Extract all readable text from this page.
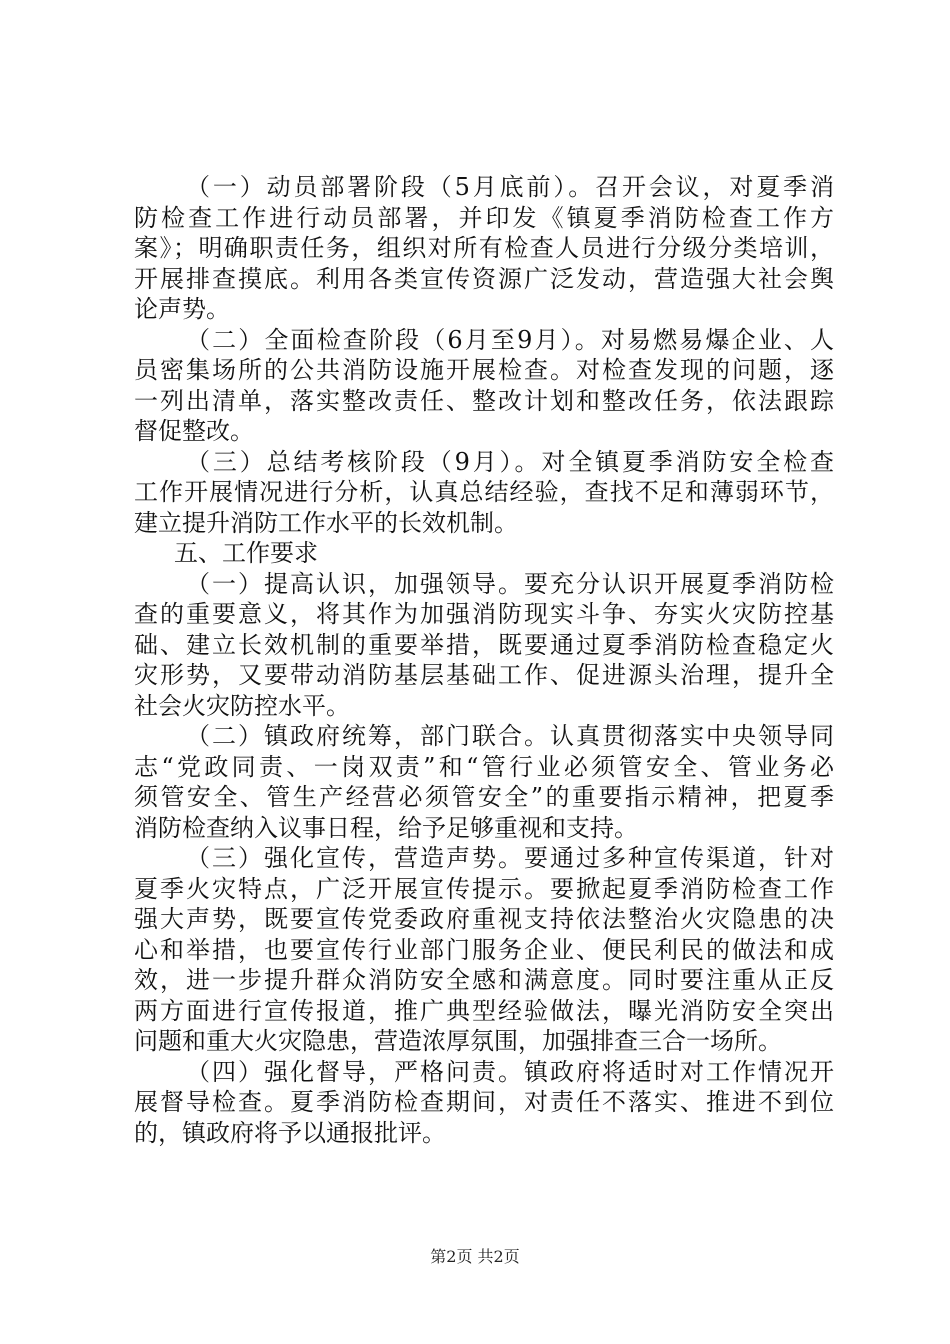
（一）动员部署阶段（5月底前）。召开会议，对夏季消
防检查工作进行动员部署，并印发《镇夏季消防检查工作方
案》；明确职责任务，组织对所有检查人员进行分级分类培训，
开展排查摸底。利用各类宣传资源广泛发动，营造强大社会舆
论声势。
（二）全面检查阶段（6月至9月）。对易燃易爆企业、人
员密集场所的公共消防设施开展检查。对检查发现的问题，逐
一列出清单，落实整改责任、整改计划和整改任务，依法跟踪
督促整改。
（三）总结考核阶段（9月）。对全镇夏季消防安全检查
工作开展情况进行分析，认真总结经验，查找不足和薄弱环节，
建立提升消防工作水平的长效机制。
五、工作要求
（一）提高认识，加强领导。要充分认识开展夏季消防检
查的重要意义，将其作为加强消防现实斗争、夯实火灾防控基
础、建立长效机制的重要举措，既要通过夏季消防检查稳定火
灾形势，又要带动消防基层基础工作、促进源头治理，提升全
社会火灾防控水平。
（二）镇政府统筹，部门联合。认真贯彻落实中央领导同
志“党政同责、一岗双责”和“管行业必须管安全、管业务必
须管安全、管生产经营必须管安全”的重要指示精神，把夏季
消防检查纳入议事日程，给予足够重视和支持。
（三）强化宣传，营造声势。要通过多种宣传渠道，针对
夏季火灾特点，广泛开展宣传提示。要掀起夏季消防检查工作
强大声势，既要宣传党委政府重视支持依法整治火灾隐患的决
心和举措，也要宣传行业部门服务企业、便民利民的做法和成
效，进一步提升群众消防安全感和满意度。同时要注重从正反
两方面进行宣传报道，推广典型经验做法，曝光消防安全突出
问题和重大火灾隐患，营造浓厚氛围，加强排查三合一场所。
（四）强化督导，严格问责。镇政府将适时对工作情况开
展督导检查。夏季消防检查期间，对责任不落实、推进不到位
的，镇政府将予以通报批评。
第2页 共2页
